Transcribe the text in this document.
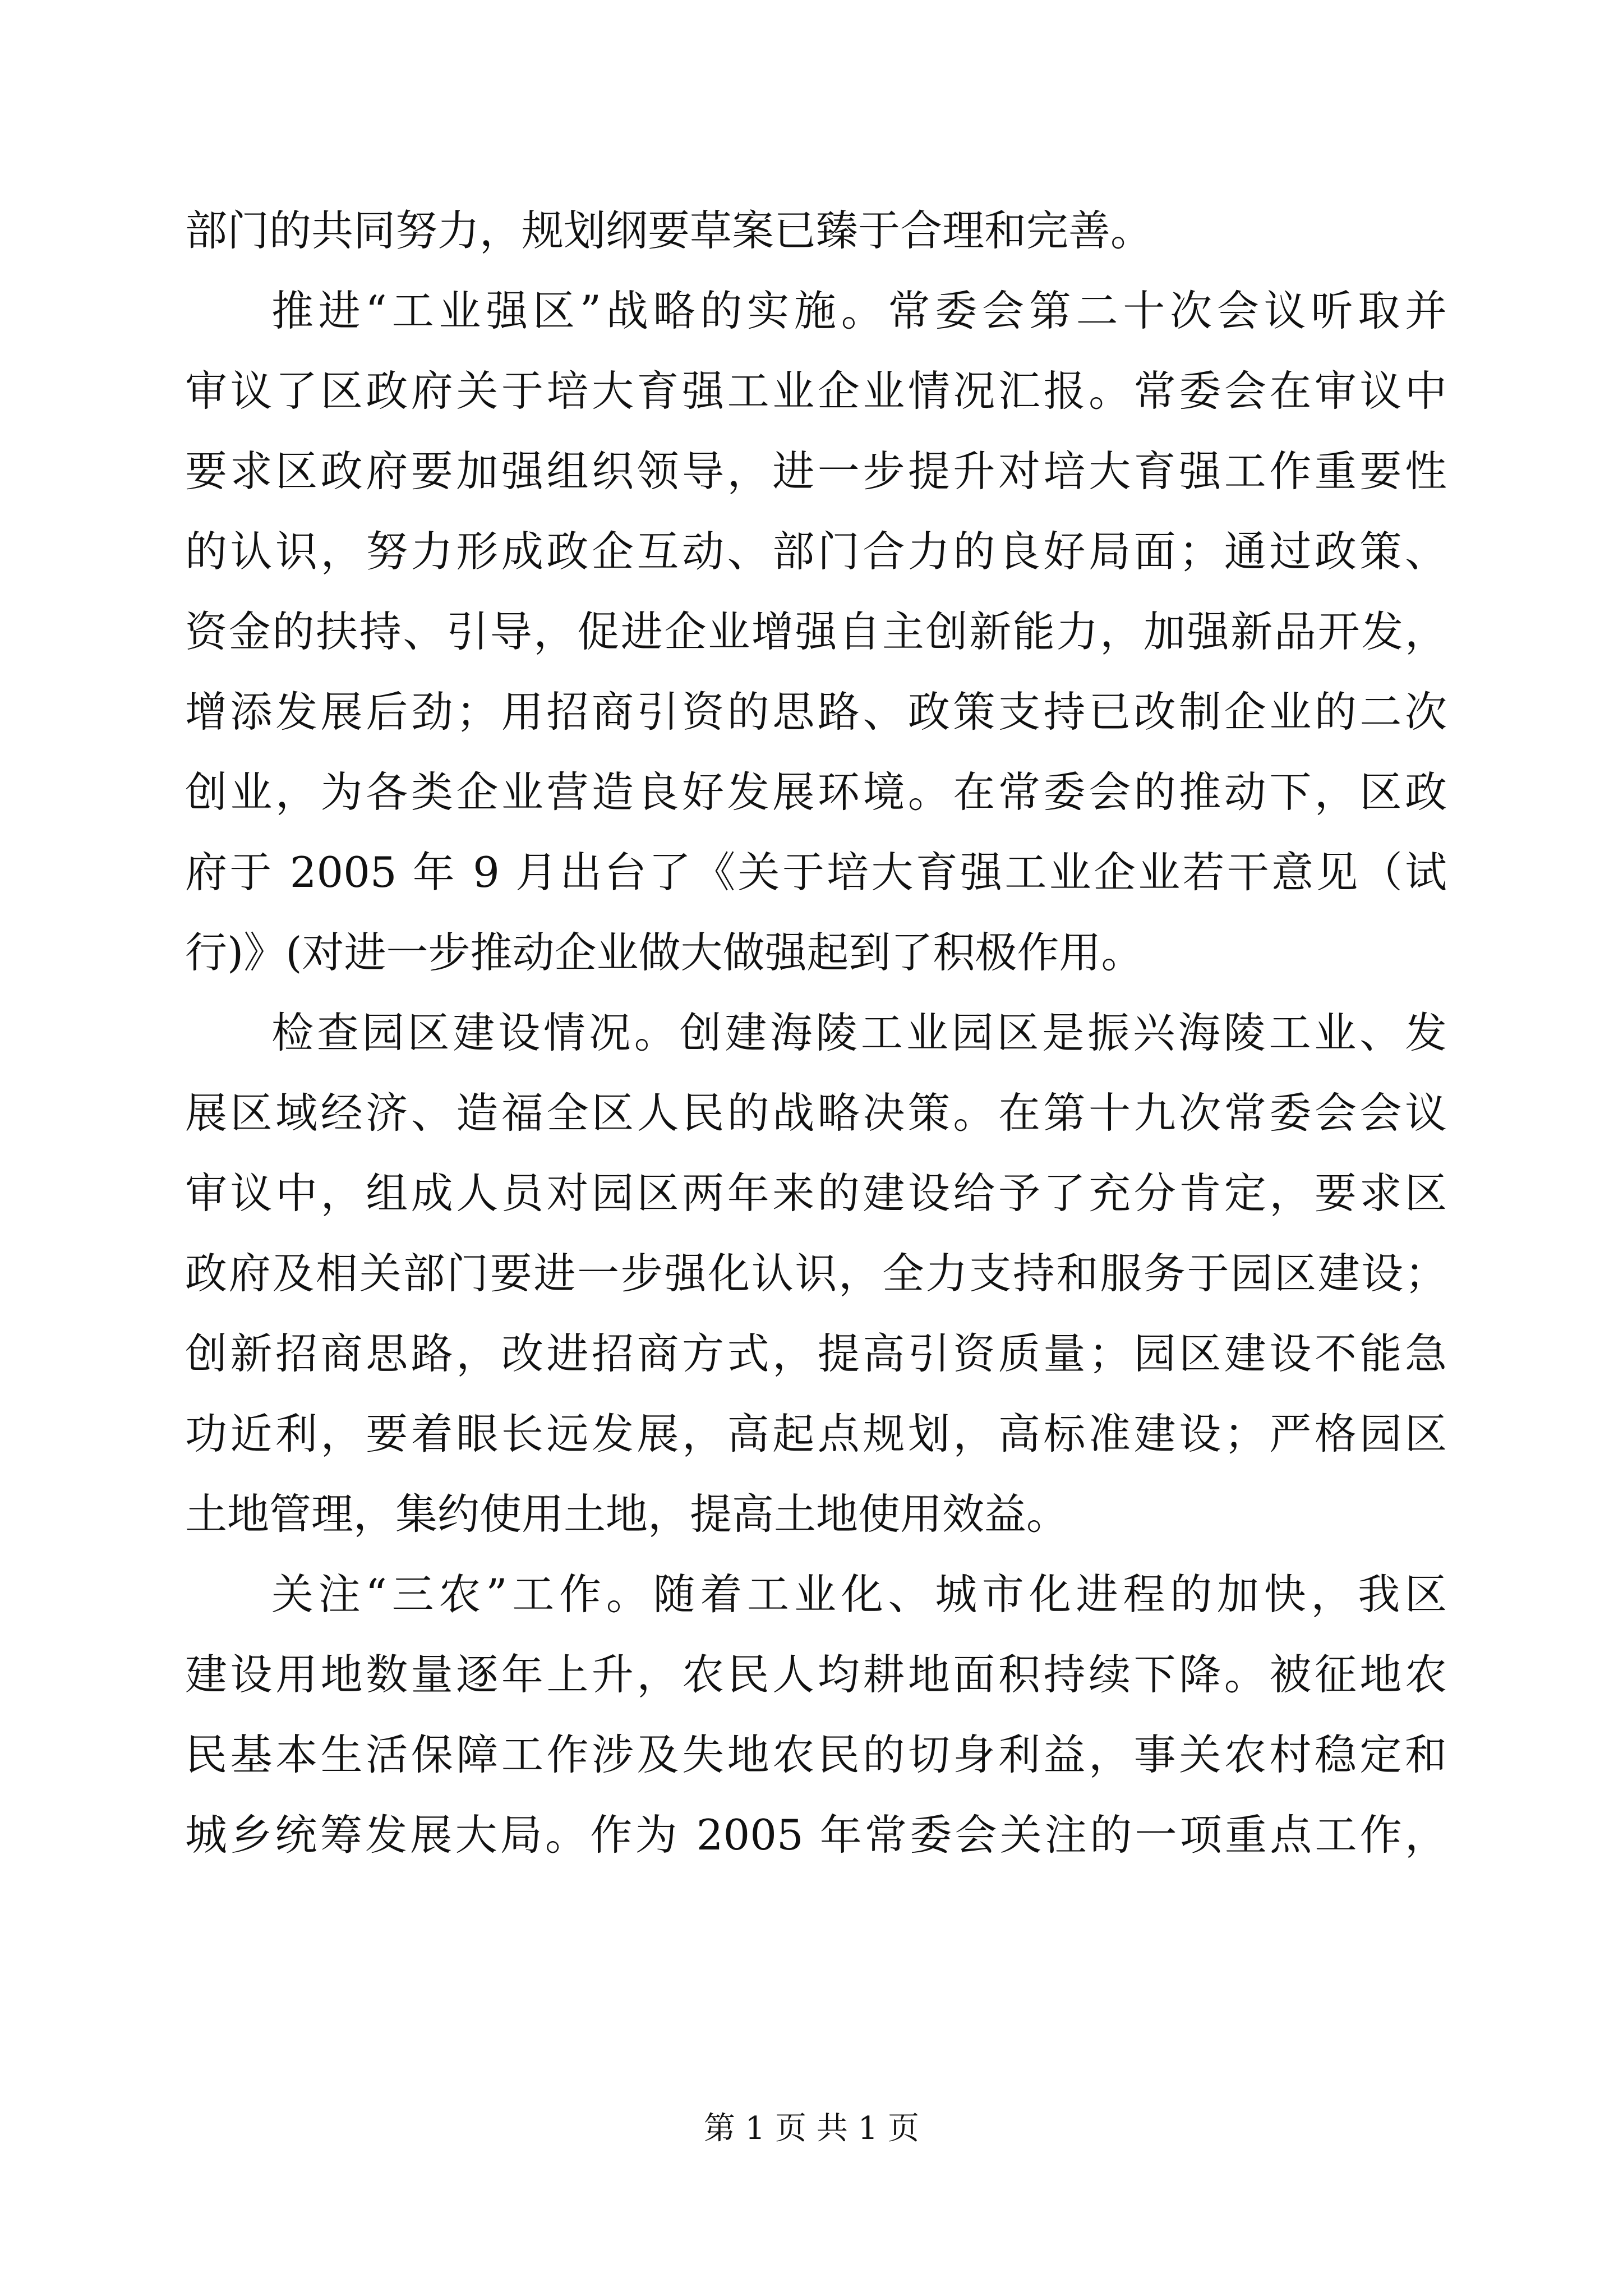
部门的共同努力，规划纲要草案已臻于合理和完善。
推进“工业强区”战略的实施。常委会第二十次会议听取并
审议了区政府关于培大育强工业企业情况汇报。常委会在审议中
要求区政府要加强组织领导，进一步提升对培大育强工作重要性
的认识，努力形成政企互动、部门合力的良好局面；通过政策、
资金的扶持、引导，促进企业增强自主创新能力，加强新品开发，
增添发展后劲；用招商引资的思路、政策支持已改制企业的二次
创业，为各类企业营造良好发展环境。在常委会的推动下，区政
府于 2005 年 9 月出台了《关于培大育强工业企业若干意见（试
行)》(对进一步推动企业做大做强起到了积极作用。
检查园区建设情况。创建海陵工业园区是振兴海陵工业、发
展区域经济、造福全区人民的战略决策。在第十九次常委会会议
审议中，组成人员对园区两年来的建设给予了充分肯定，要求区
政府及相关部门要进一步强化认识，全力支持和服务于园区建设；
创新招商思路，改进招商方式，提高引资质量；园区建设不能急
功近利，要着眼长远发展，高起点规划，高标准建设；严格园区
土地管理，集约使用土地，提高土地使用效益。
关注“三农”工作。随着工业化、城市化进程的加快，我区
建设用地数量逐年上升，农民人均耕地面积持续下降。被征地农
民基本生活保障工作涉及失地农民的切身利益，事关农村稳定和
城乡统筹发展大局。作为 2005 年常委会关注的一项重点工作，
第 1 页 共 1 页
